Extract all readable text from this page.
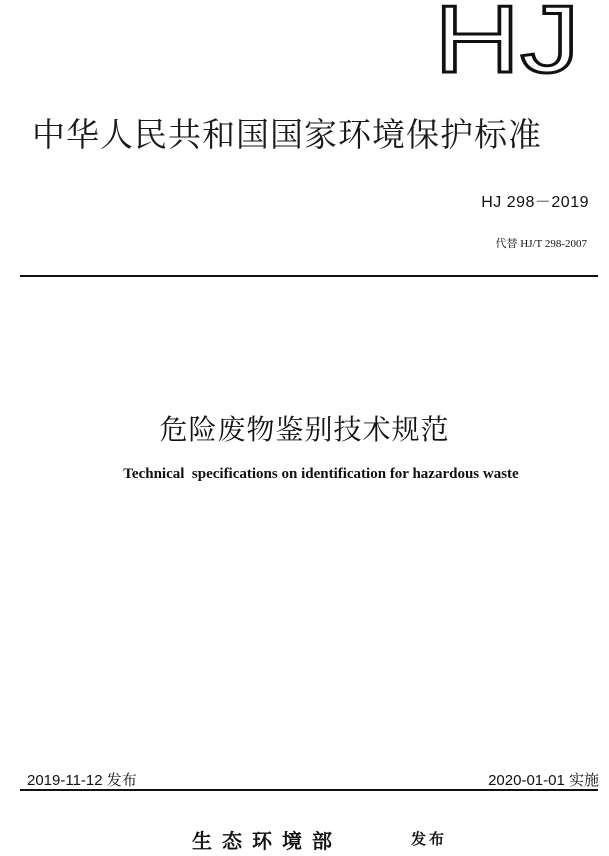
HJ
中华人民共和国国家环境保护标准
HJ 298－2019
代替 HJ/T 298-2007
危险废物鉴别技术规范
Technical  specifications on identification for hazardous waste
2019-11-12 发布	2020-01-01 实施
生态环境部	发布
